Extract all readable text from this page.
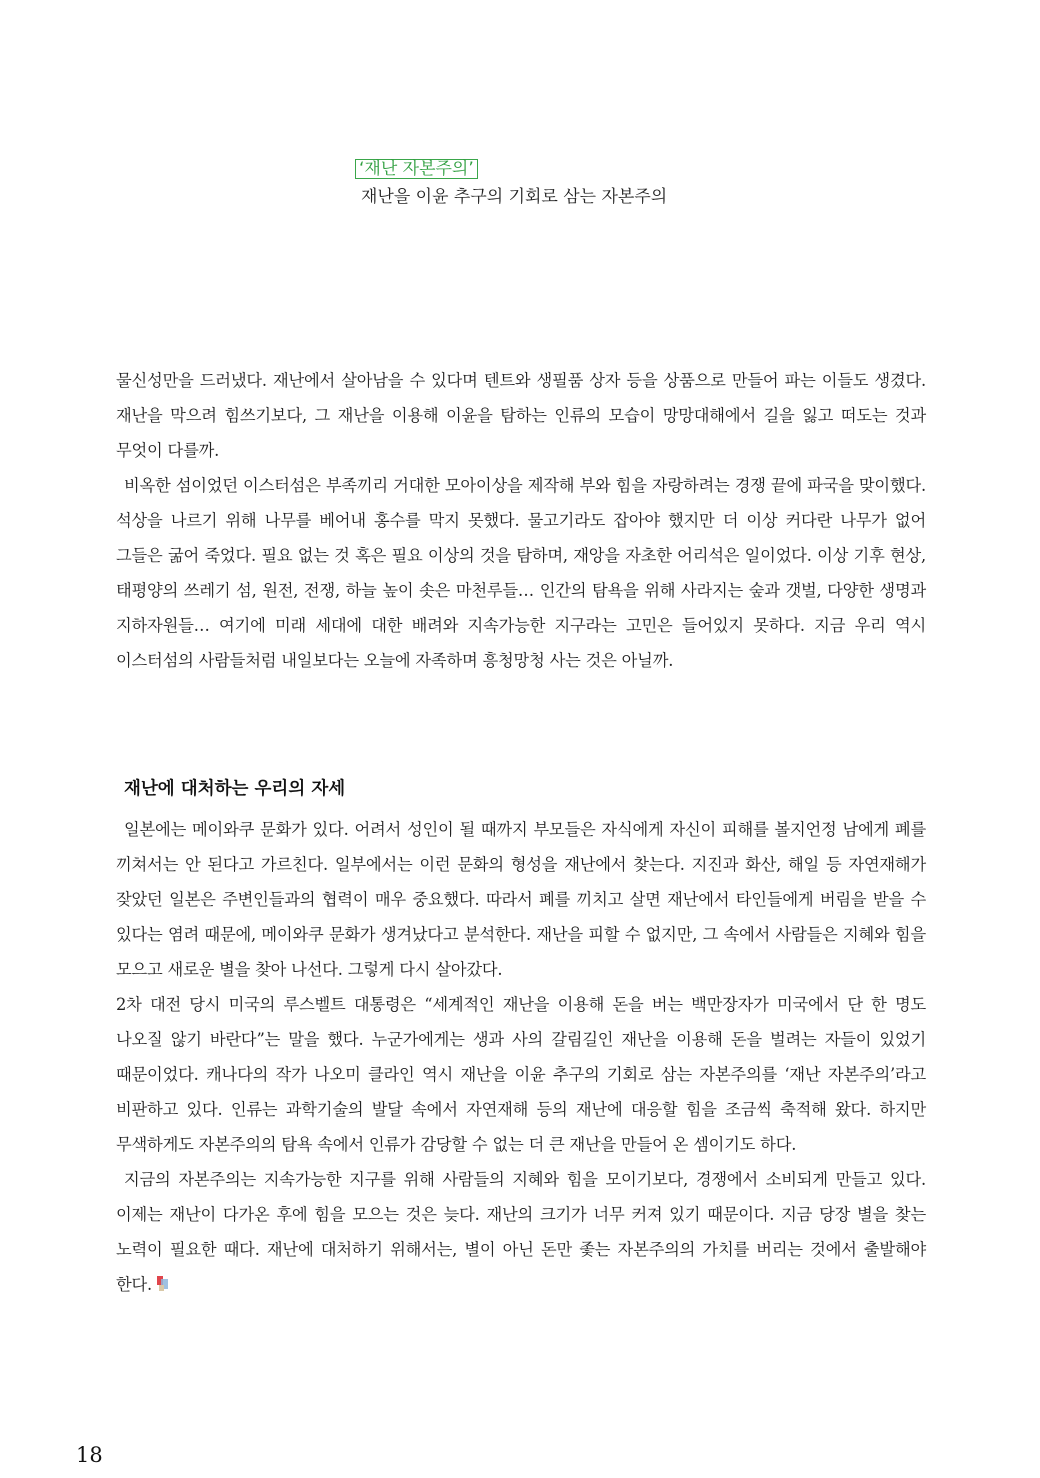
‘재난 자본주의’
재난을 이윤 추구의 기회로 삼는 자본주의

물신성만을 드러냈다. 재난에서 살아남을 수 있다며 텐트와 생필품 상자 등을 상품으로 만들어 파는 이들도 생겼다. 재난을 막으려 힘쓰기보다, 그 재난을 이용해 이윤을 탐하는 인류의 모습이 망망대해에서 길을 잃고 떠도는 것과 무엇이 다를까.

비옥한 섬이었던 이스터섬은 부족끼리 거대한 모아이상을 제작해 부와 힘을 자랑하려는 경쟁 끝에 파국을 맞이했다. 석상을 나르기 위해 나무를 베어내 홍수를 막지 못했다. 물고기라도 잡아야 했지만 더 이상 커다란 나무가 없어 그들은 굶어 죽었다. 필요 없는 것 혹은 필요 이상의 것을 탐하며, 재앙을 자초한 어리석은 일이었다. 이상 기후 현상, 태평양의 쓰레기 섬, 원전, 전쟁, 하늘 높이 솟은 마천루들… 인간의 탐욕을 위해 사라지는 숲과 갯벌, 다양한 생명과 지하자원들… 여기에 미래 세대에 대한 배려와 지속가능한 지구라는 고민은 들어있지 못하다. 지금 우리 역시 이스터섬의 사람들처럼 내일보다는 오늘에 자족하며 흥청망청 사는 것은 아닐까.

재난에 대처하는 우리의 자세

일본에는 메이와쿠 문화가 있다. 어려서 성인이 될 때까지 부모들은 자식에게 자신이 피해를 볼지언정 남에게 폐를 끼쳐서는 안 된다고 가르친다. 일부에서는 이런 문화의 형성을 재난에서 찾는다. 지진과 화산, 해일 등 자연재해가 잦았던 일본은 주변인들과의 협력이 매우 중요했다. 따라서 폐를 끼치고 살면 재난에서 타인들에게 버림을 받을 수 있다는 염려 때문에, 메이와쿠 문화가 생겨났다고 분석한다. 재난을 피할 수 없지만, 그 속에서 사람들은 지혜와 힘을 모으고 새로운 별을 찾아 나선다. 그렇게 다시 살아갔다.

2차 대전 당시 미국의 루스벨트 대통령은 “세계적인 재난을 이용해 돈을 버는 백만장자가 미국에서 단 한 명도 나오질 않기 바란다”는 말을 했다. 누군가에게는 생과 사의 갈림길인 재난을 이용해 돈을 벌려는 자들이 있었기 때문이었다. 캐나다의 작가 나오미 클라인 역시 재난을 이윤 추구의 기회로 삼는 자본주의를 ‘재난 자본주의’라고 비판하고 있다. 인류는 과학기술의 발달 속에서 자연재해 등의 재난에 대응할 힘을 조금씩 축적해 왔다. 하지만 무색하게도 자본주의의 탐욕 속에서 인류가 감당할 수 없는 더 큰 재난을 만들어 온 셈이기도 하다.

지금의 자본주의는 지속가능한 지구를 위해 사람들의 지혜와 힘을 모이기보다, 경쟁에서 소비되게 만들고 있다. 이제는 재난이 다가온 후에 힘을 모으는 것은 늦다. 재난의 크기가 너무 커져 있기 때문이다. 지금 당장 별을 찾는 노력이 필요한 때다. 재난에 대처하기 위해서는, 별이 아닌 돈만 좇는 자본주의의 가치를 버리는 것에서 출발해야 한다.

18
